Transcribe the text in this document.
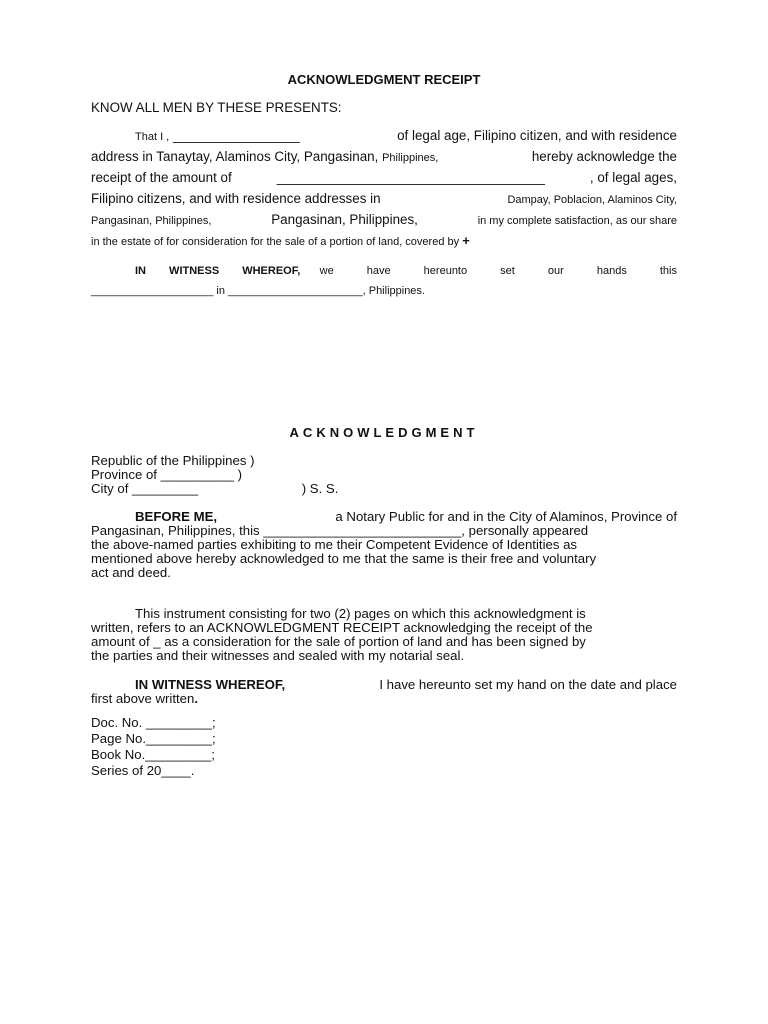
ACKNOWLEDGMENT RECEIPT

KNOW ALL MEN BY THESE PRESENTS:

That I , _________________	of legal age, Filipino citizen, and with residence
address in Tanaytay, Alaminos City, Pangasinan, Philippines,	hereby acknowledge the
receipt of the amount of	____________________________________	, of legal ages,
Filipino citizens, and with residence addresses in	Dampay, Poblacion, Alaminos City,
Pangasinan, Philippines,	Pangasinan, Philippines,	in my complete satisfaction, as our share

in the estate of for consideration for the sale of a portion of land, covered by +

IN WITNESS WHEREOF, we have hereunto set our hands this

____________________ in ______________________, Philippines.

ACKNOWLEDGMENT

Republic of the Philippines )

Province of __________ )

City of _________	) S. S.

BEFORE ME,	a Notary Public for and in the City of Alaminos, Province of

Pangasinan, Philippines, this ___________________________, personally appeared

the above-named parties exhibiting to me their Competent Evidence of Identities as

mentioned above hereby acknowledged to me that the same is their free and voluntary

act and deed.

This instrument consisting for two (2) pages on which this acknowledgment is

written, refers to an ACKNOWLEDGMENT RECEIPT acknowledging the receipt of the

amount of _ as a consideration for the sale of portion of land and has been signed by

the parties and their witnesses and sealed with my notarial seal.

IN WITNESS WHEREOF,	I have hereunto set my hand on the date and place

first above written.

Doc. No. _________;

Page No._________;

Book No._________;

Series of 20____.
